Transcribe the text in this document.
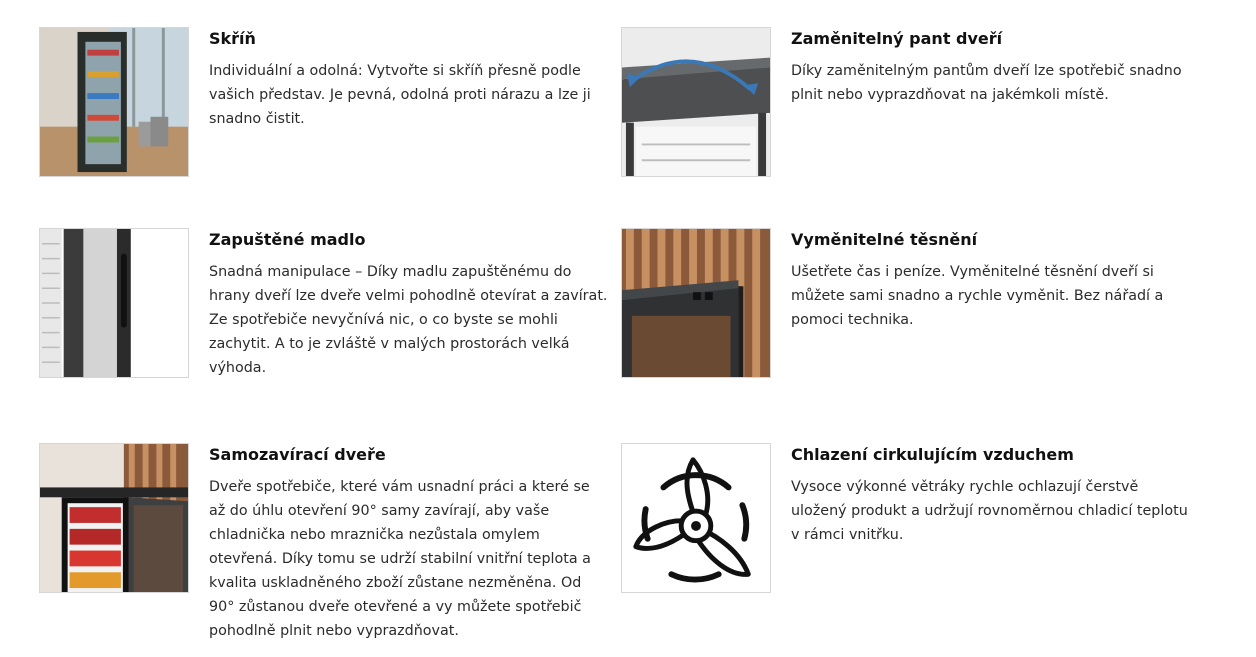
Skříň

Individuální a odolná: Vytvořte si skříň přesně podle vašich představ. Je pevná, odolná proti nárazu a lze ji snadno čistit.

Zaměnitelný pant dveří

Díky zaměnitelným pantům dveří lze spotřebič snadno plnit nebo vyprazdňovat na jakémkoli místě.

Zapuštěné madlo

Snadná manipulace – Díky madlu zapuštěnému do hrany dveří lze dveře velmi pohodlně otevírat a zavírat. Ze spotřebiče nevyčnívá nic, o co byste se mohli zachytit. A to je zvláště v malých prostorách velká výhoda.

Vyměnitelné těsnění

Ušetřete čas i peníze. Vyměnitelné těsnění dveří si můžete sami snadno a rychle vyměnit. Bez nářadí a pomoci technika.

Samozavírací dveře

Dveře spotřebiče, které vám usnadní práci a které se až do úhlu otevření 90° samy zavírají, aby vaše chladnička nebo mraznička nezůstala omylem otevřená. Díky tomu se udrží stabilní vnitřní teplota a kvalita uskladněného zboží zůstane nezměněna. Od 90° zůstanou dveře otevřené a vy můžete spotřebič pohodlně plnit nebo vyprazdňovat.

Chlazení cirkulujícím vzduchem

Vysoce výkonné větráky rychle ochlazují čerstvě uložený produkt a udržují rovnoměrnou chladicí teplotu v rámci vnitřku.
